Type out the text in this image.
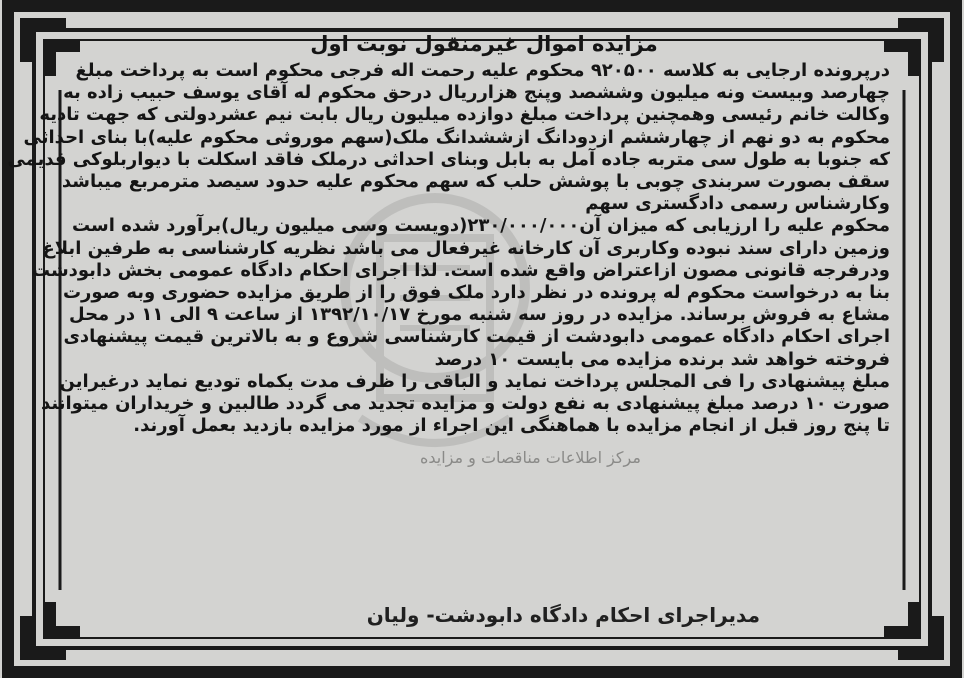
مرکز اطلاعات مناقصات و مزایده
مزایده اموال غیرمنقول نوبت اول
درپرونده ارجایی به کلاسه ۹۲۰۵۰۰ محکوم علیه رحمت اله فرجی محکوم است به پرداخت مبلغ
چهارصد وبیست ونه میلیون وششصد وپنج هزارریال درحق محکوم له آقای یوسف حبیب زاده به
وکالت خانم رئیسی وهمچنین پرداخت مبلغ دوازده میلیون ریال بابت نیم عشردولتی که جهت تادیه
محکوم به دو نهم از چهارششم ازدودانگ ازششدانگ ملک(سهم موروثی محکوم علیه)با بنای احداثی
که جنوبا به طول سی متربه جاده آمل به بابل وبنای احداثی درملک فاقد اسکلت با دیواربلوکی قدیمی
سقف بصورت سربندی چوبی با پوشش حلب که سهم محکوم علیه حدود سیصد مترمربع میباشد
وکارشناس رسمی دادگستری سهم
محکوم علیه را ارزیابی که میزان آن۲۳۰/۰۰۰/۰۰۰(دویست وسی میلیون ریال)برآورد شده است
وزمین دارای سند نبوده وکاربری آن کارخانه غیرفعال می باشد نظریه کارشناسی به طرفین ابلاغ
ودرفرجه قانونی مصون ازاعتراض واقع شده است. لذا اجرای احکام دادگاه عمومی بخش دابودشت
بنا به درخواست محکوم له پرونده در نظر دارد ملک فوق را از طریق مزایده حضوری وبه صورت
مشاع به فروش برساند. مزایده در روز سه شنبه مورخ ۱۳۹۲/۱۰/۱۷ از ساعت ۹ الی ۱۱ در محل
اجرای احکام دادگاه عمومی دابودشت از قیمت کارشناسی شروع و به بالاترین قیمت پیشنهادی
فروخته خواهد شد برنده مزایده می بایست ۱۰ درصد
مبلغ پیشنهادی را فی المجلس پرداخت نماید و الباقی را ظرف مدت یکماه تودیع نماید درغیراین
صورت ۱۰ درصد مبلغ پیشنهادی به نفع دولت و مزایده تجدید می گردد طالبین و خریداران میتوانند
تا پنج روز قبل از انجام مزایده با هماهنگی این اجراء از مورد مزایده بازدید بعمل آورند.
مدیراجرای احکام دادگاه دابودشت- ولیان
